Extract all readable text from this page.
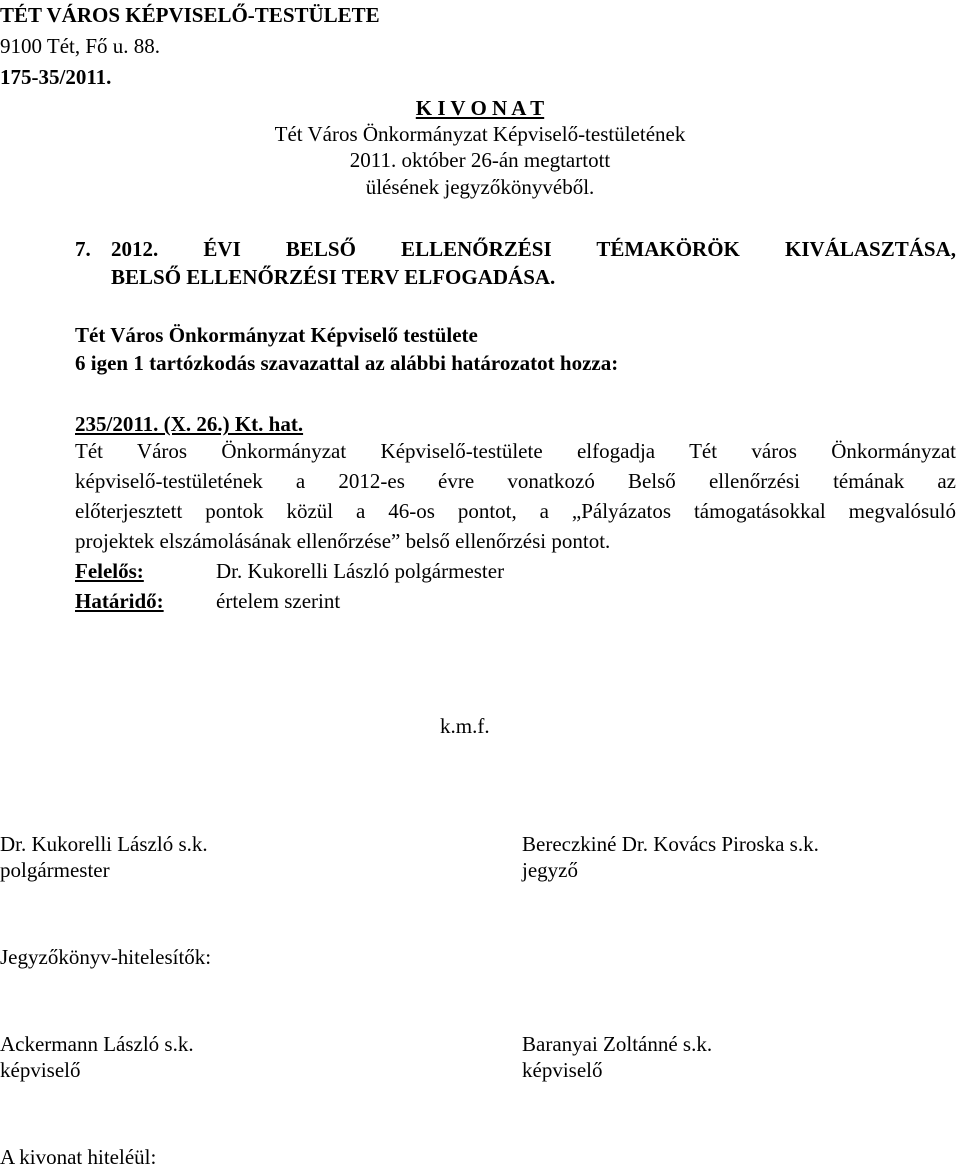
TÉT VÁROS KÉPVISELŐ-TESTÜLETE
9100 Tét, Fő u. 88.
175-35/2011.
K I V O N A T
Tét Város Önkormányzat Képviselő-testületének
2011. október 26-án megtartott
ülésének jegyzőkönyvéből.
7. 2012. ÉVI BELSŐ ELLENŐRZÉSI TÉMAKÖRÖK KIVÁLASZTÁSA,
BELSŐ ELLENŐRZÉSI TERV ELFOGADÁSA.
Tét Város Önkormányzat Képviselő testülete
6 igen 1 tartózkodás szavazattal az alábbi határozatot hozza:
235/2011. (X. 26.) Kt. hat.
Tét Város Önkormányzat Képviselő-testülete elfogadja Tét város Önkormányzat
képviselő-testületének a 2012-es évre vonatkozó Belső ellenőrzési témának az
előterjesztett pontok közül a 46-os pontot, a „Pályázatos támogatásokkal megvalósuló
projektek elszámolásának ellenőrzése” belső ellenőrzési pontot.
Felelős:	Dr. Kukorelli László polgármester
Határidő: értelem szerint
k.m.f.
Dr. Kukorelli László s.k.
polgármester
Bereczkiné Dr. Kovács Piroska s.k.
jegyző
Jegyzőkönyv-hitelesítők:
Ackermann László s.k.
képviselő
Baranyai Zoltánné s.k.
képviselő
A kivonat hiteléül:
